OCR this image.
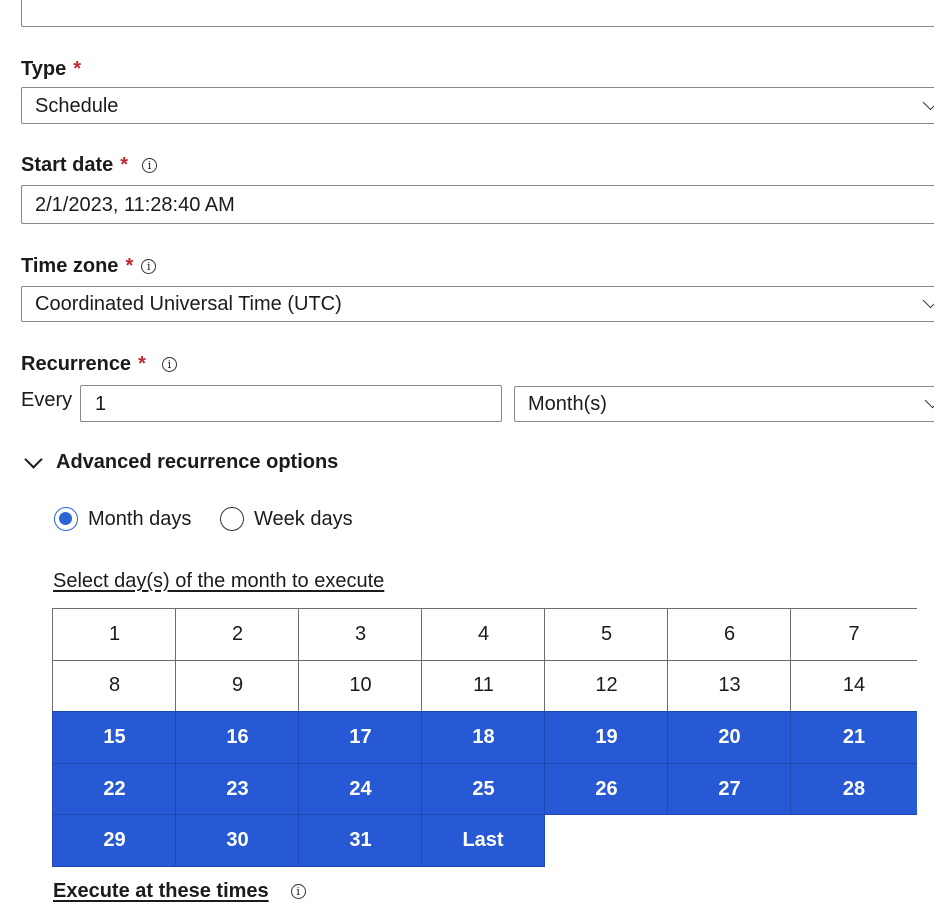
Type *
Schedule
Start date *	i
2/1/2023, 11:28:40 AM
Time zone *	i
Coordinated Universal Time (UTC)
Recurrence *	i
Every 1	Month(s)
Advanced recurrence options
Month days	Week days
Select day(s) of the month to execute
1	2	3	4	5	6	7
8	9	10	11	12	13	14
15	16	17	18	19	20	21
22	23	24	25	26	27	28
29	30	31	Last
Execute at these times	i
